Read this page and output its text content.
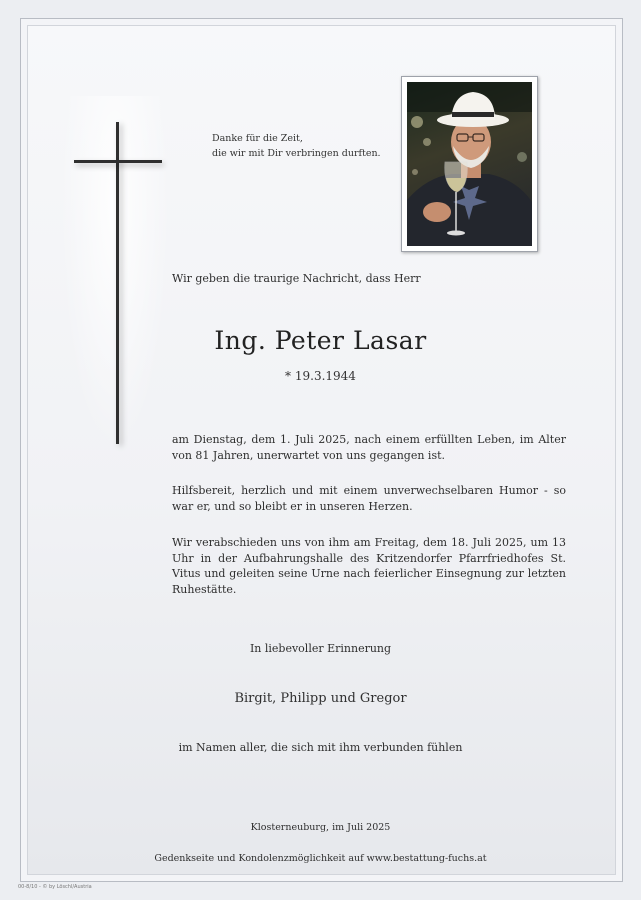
Danke für die Zeit,
die wir mit Dir verbringen durften.
Wir geben die traurige Nachricht, dass Herr
Ing. Peter Lasar
* 19.3.1944
am Dienstag, dem 1. Juli 2025, nach einem erfüllten Leben, im Alter von 81 Jahren, unerwartet von uns gegangen ist.
Hilfsbereit, herzlich und mit einem unverwechselbaren Humor - so war er, und so bleibt er in unseren Herzen.
Wir verabschieden uns von ihm am Freitag, dem 18. Juli 2025, um 13 Uhr in der Aufbahrungshalle des Kritzendorfer Pfarrfriedhofes St. Vitus und geleiten seine Urne nach feierlicher Einsegnung zur letzten Ruhestätte.
In liebevoller Erinnerung
Birgit, Philipp und Gregor
im Namen aller, die sich mit ihm verbunden fühlen
Klosterneuburg, im Juli 2025
Gedenkseite und Kondolenzmöglichkeit auf www.bestattung-fuchs.at
00-8/10 - © by Löschl/Austria
